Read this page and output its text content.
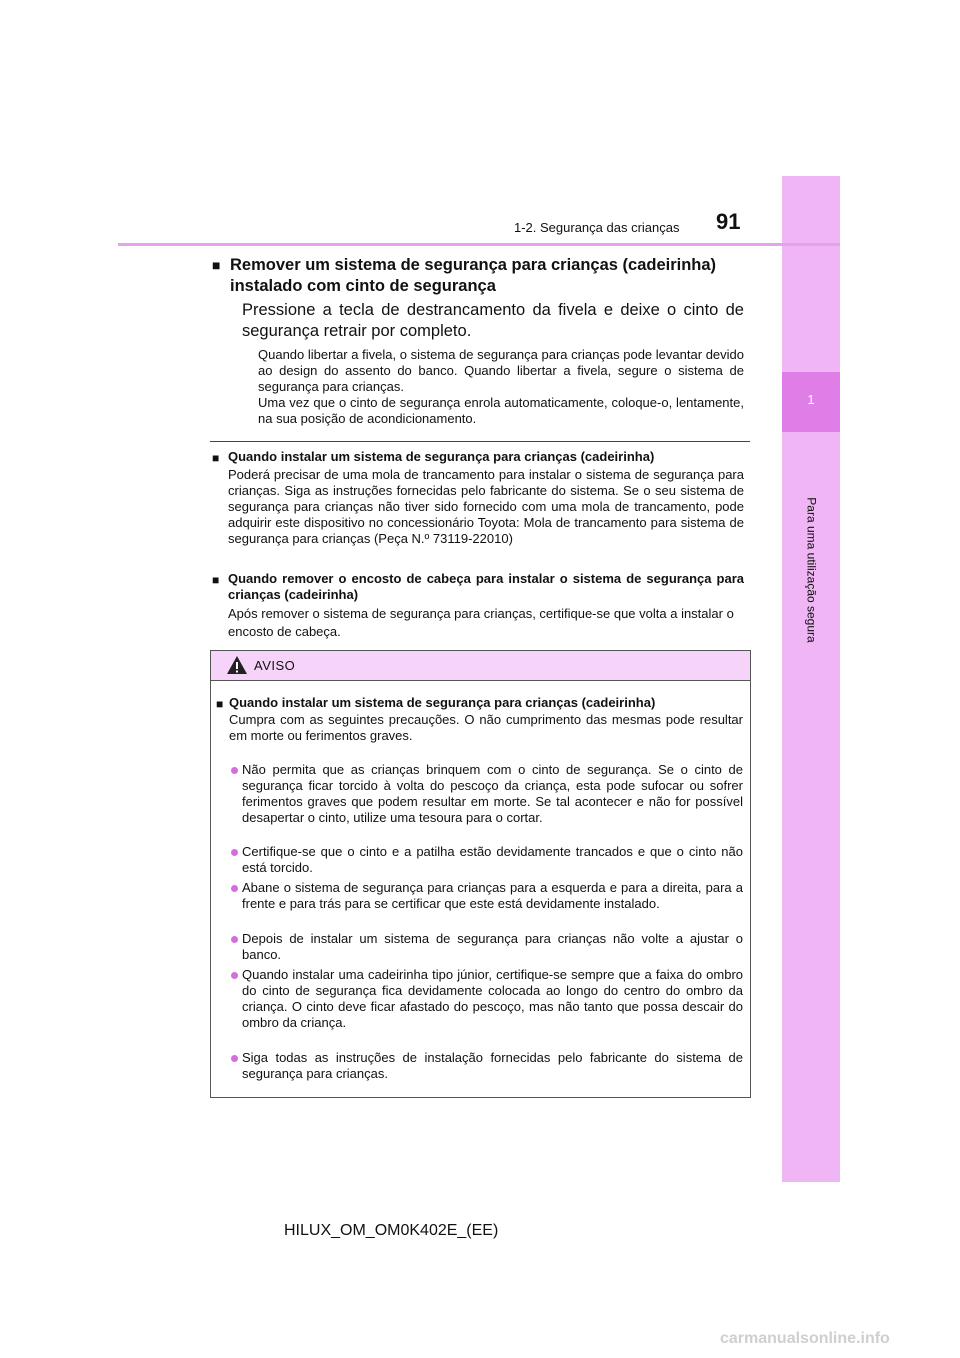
1
Para uma utilização segura
1-2. Segurança das crianças 91
■ Remover um sistema de segurança para crianças (cadeirinha) instalado com cinto de segurança
Pressione a tecla de destrancamento da fivela e deixe o cinto de segurança retrair por completo.
Quando libertar a fivela, o sistema de segurança para crianças pode levantar devido ao design do assento do banco. Quando libertar a fivela, segure o sistema de segurança para crianças.
Uma vez que o cinto de segurança enrola automaticamente, coloque-o, lentamente, na sua posição de acondicionamento.
■ Quando instalar um sistema de segurança para crianças (cadeirinha)
Poderá precisar de uma mola de trancamento para instalar o sistema de segurança para crianças. Siga as instruções fornecidas pelo fabricante do sistema. Se o seu sistema de segurança para crianças não tiver sido fornecido com uma mola de trancamento, pode adquirir este dispositivo no concessionário Toyota: Mola de trancamento para sistema de segurança para crianças (Peça N.º 73119-22010)
■ Quando remover o encosto de cabeça para instalar o sistema de segurança para crianças (cadeirinha)
Após remover o sistema de segurança para crianças, certifique-se que volta a instalar o encosto de cabeça.
AVISO
■ Quando instalar um sistema de segurança para crianças (cadeirinha)
Cumpra com as seguintes precauções. O não cumprimento das mesmas pode resultar em morte ou ferimentos graves.
Não permita que as crianças brinquem com o cinto de segurança. Se o cinto de segurança ficar torcido à volta do pescoço da criança, esta pode sufocar ou sofrer ferimentos graves que podem resultar em morte. Se tal acontecer e não for possível desapertar o cinto, utilize uma tesoura para o cortar.
Certifique-se que o cinto e a patilha estão devidamente trancados e que o cinto não está torcido.
Abane o sistema de segurança para crianças para a esquerda e para a direita, para a frente e para trás para se certificar que este está devidamente instalado.
Depois de instalar um sistema de segurança para crianças não volte a ajustar o banco.
Quando instalar uma cadeirinha tipo júnior, certifique-se sempre que a faixa do ombro do cinto de segurança fica devidamente colocada ao longo do centro do ombro da criança. O cinto deve ficar afastado do pescoço, mas não tanto que possa descair do ombro da criança.
Siga todas as instruções de instalação fornecidas pelo fabricante do sistema de segurança para crianças.
HILUX_OM_OM0K402E_(EE)
carmanualsonline.info
